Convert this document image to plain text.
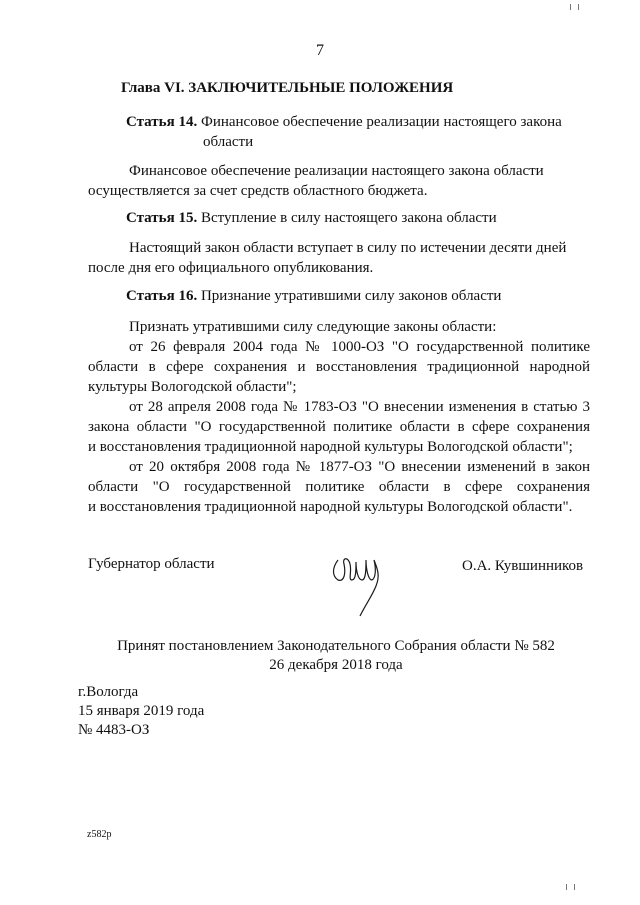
7
Глава VI. ЗАКЛЮЧИТЕЛЬНЫЕ ПОЛОЖЕНИЯ
Статья 14. Финансовое обеспечение реализации настоящего закона
области
Финансовое обеспечение реализации настоящего закона области
осуществляется за счет средств областного бюджета.
Статья 15. Вступление в силу настоящего закона области
Настоящий закон области вступает в силу по истечении десяти дней
после дня его официального опубликования.
Статья 16. Признание утратившими силу законов области
Признать утратившими силу следующие законы области:
от 26 февраля 2004 года № 1000-ОЗ "О государственной политике
области в сфере сохранения и восстановления традиционной народной
культуры Вологодской области";
от 28 апреля 2008 года № 1783-ОЗ "О внесении изменения в статью 3
закона области "О государственной политике области в сфере сохранения
и восстановления традиционной народной культуры Вологодской области";
от 20 октября 2008 года № 1877-ОЗ "О внесении изменений в закон
области "О государственной политике области в сфере сохранения
и восстановления традиционной народной культуры Вологодской области".
Губернатор области	О.А. Кувшинников
Принят постановлением Законодательного Собрания области № 582
26 декабря 2018 года
г.Вологда
15 января 2019 года
№ 4483-ОЗ
z582р
